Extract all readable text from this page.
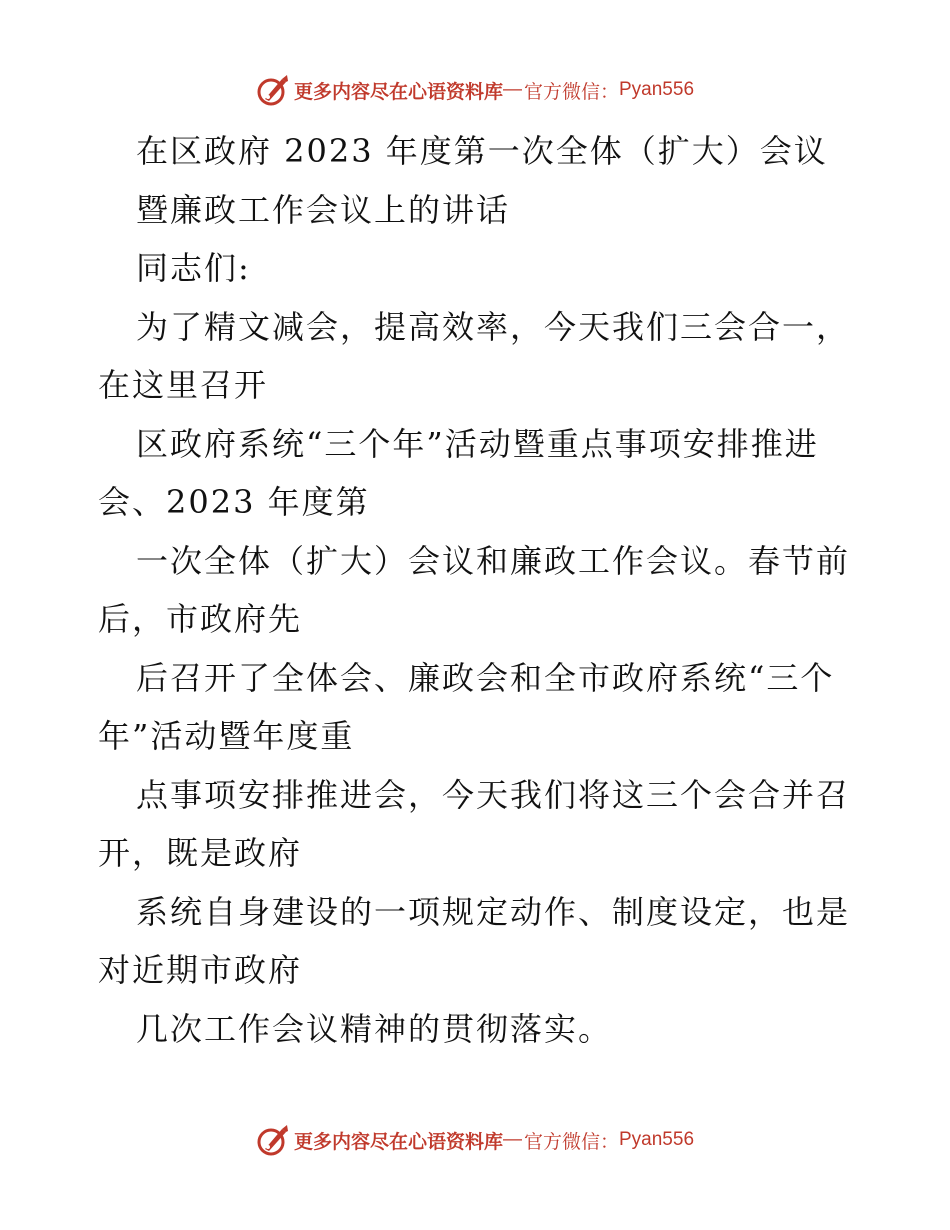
更多内容尽在心语资料库 — 官方微信： Pyan556
在区政府 2023 年度第一次全体（扩大）会议
暨廉政工作会议上的讲话
同志们:
为了精文减会，提高效率，今天我们三会合一，
在这里召开
区政府系统“三个年”活动暨重点事项安排推进
会、2023 年度第
一次全体（扩大）会议和廉政工作会议。春节前
后，市政府先
后召开了全体会、廉政会和全市政府系统“三个
年”活动暨年度重
点事项安排推进会，今天我们将这三个会合并召
开，既是政府
系统自身建设的一项规定动作、制度设定，也是
对近期市政府
几次工作会议精神的贯彻落实。
更多内容尽在心语资料库 — 官方微信： Pyan556
